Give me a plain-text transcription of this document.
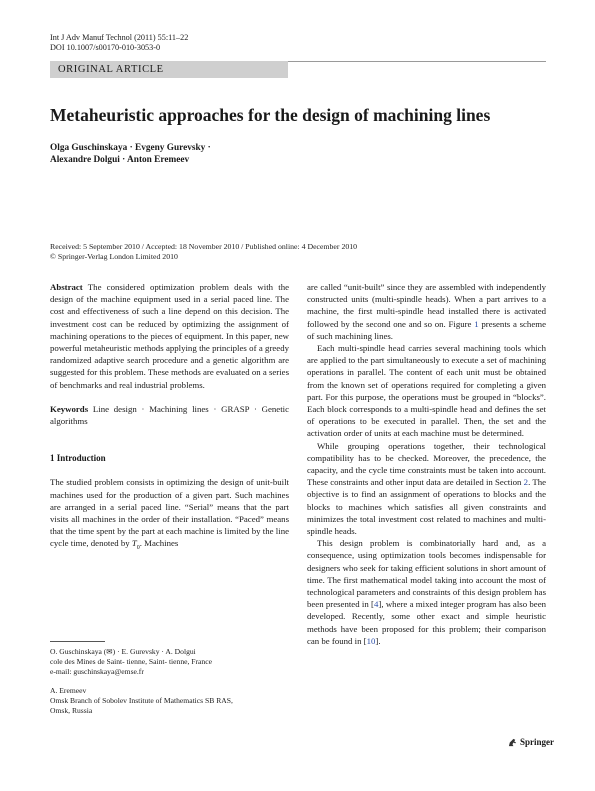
Int J Adv Manuf Technol (2011) 55:11–22
DOI 10.1007/s00170-010-3053-0
ORIGINAL ARTICLE
Metaheuristic approaches for the design of machining lines
Olga Guschinskaya · Evgeny Gurevsky ·
Alexandre Dolgui · Anton Eremeev
Received: 5 September 2010 / Accepted: 18 November 2010 / Published online: 4 December 2010
© Springer-Verlag London Limited 2010

Abstract The considered optimization problem deals with the design of the machine equipment used in a serial paced line. The cost and effectiveness of such a line depend on this decision. The investment cost can be reduced by optimizing the assignment of machining operations to the pieces of equipment. In this paper, new powerful metaheuristic methods applying the principles of a greedy randomized adaptive search procedure and a genetic algorithm are suggested for this problem. These methods are evaluated on a series of benchmarks and real industrial problems.

Keywords Line design · Machining lines · GRASP · Genetic algorithms

1 Introduction

The studied problem consists in optimizing the design of unit-built machines used for the production of a given part. Such machines are arranged in a serial paced line. “Serial” means that the part visits all machines in the order of their installation. “Paced” means that the time spent by the part at each machine is limited by the line cycle time, denoted by $T_0$. Machines

are called “unit-built” since they are assembled with independently constructed units (multi-spindle heads). When a part arrives to a machine, the first multi-spindle head installed there is activated followed by the second one and so on. Figure 1 presents a scheme of such machining lines.

Each multi-spindle head carries several machining tools which are applied to the part simultaneously to execute a set of machining operations in parallel. The content of each unit must be obtained from the known set of operations required for completing a given part. For this purpose, the operations must be grouped in “blocks”. Each block corresponds to a multi-spindle head and defines the set of operations to be executed in parallel. Then, the set and the activation order of units at each machine must be determined.

While grouping operations together, their technological compatibility has to be checked. Moreover, the precedence, the capacity, and the cycle time constraints must be taken into account. These constraints and other input data are detailed in Section 2. The objective is to find an assignment of operations to blocks and the blocks to machines which satisfies all given constraints and minimizes the total investment cost related to machines and multi-spindle heads.

This design problem is combinatorially hard and, as a consequence, using optimization tools becomes indispensable for designers who seek for taking efficient solutions in short amount of time. The first mathematical model taking into account the most of technological parameters and constraints of this design problem has been presented in [4], where a mixed integer program has also been developed. Recently, some other exact and simple heuristic methods have been proposed for this problem; their comparison can be found in [10].

O. Guschinskaya (✉) · E. Gurevsky · A. Dolgui
cole des Mines de Saint- tienne, Saint- tienne, France
e-mail: guschinskaya@emse.fr
A. Eremeev
Omsk Branch of Sobolev Institute of Mathematics SB RAS,
Omsk, Russia
Springer
